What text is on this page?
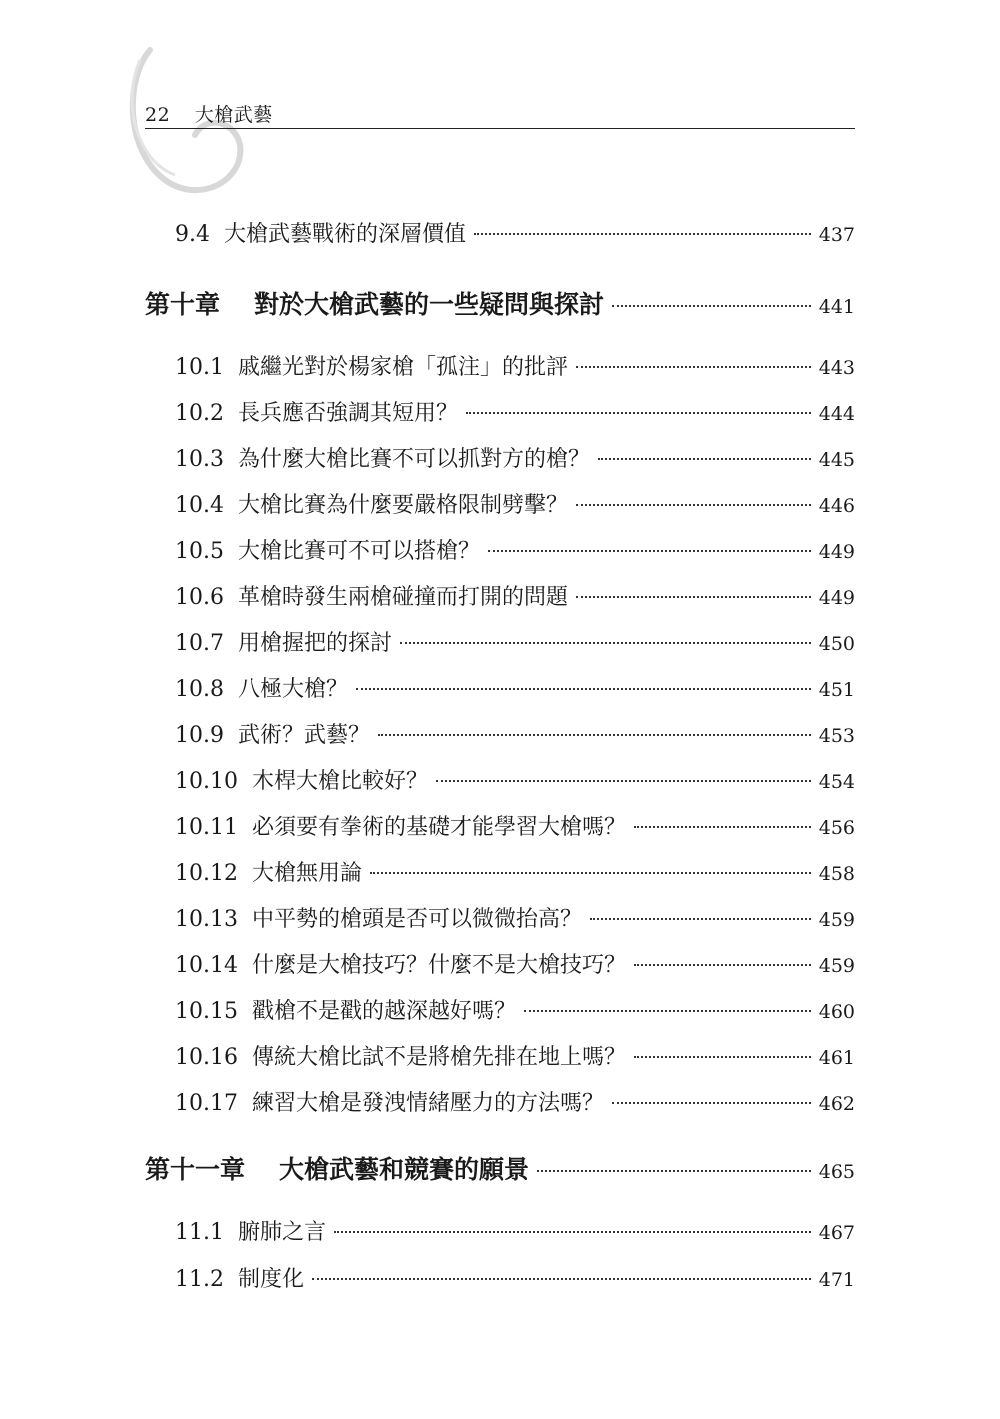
22 大槍武藝
9.4 大槍武藝戰術的深層價值	437
第十章 對於大槍武藝的一些疑問與探討	441
10.1 戚繼光對於楊家槍「孤注」的批評	443
10.2 長兵應否強調其短用？	444
10.3 為什麼大槍比賽不可以抓對方的槍？	445
10.4 大槍比賽為什麼要嚴格限制劈擊？	446
10.5 大槍比賽可不可以搭槍？	449
10.6 革槍時發生兩槍碰撞而打開的問題	449
10.7 用槍握把的探討	450
10.8 八極大槍？	451
10.9 武術？武藝？	453
10.10 木桿大槍比較好？	454
10.11 必須要有拳術的基礎才能學習大槍嗎？	456
10.12 大槍無用論	458
10.13 中平勢的槍頭是否可以微微抬高？	459
10.14 什麼是大槍技巧？什麼不是大槍技巧？	459
10.15 戳槍不是戳的越深越好嗎？	460
10.16 傳統大槍比試不是將槍先排在地上嗎？	461
10.17 練習大槍是發洩情緒壓力的方法嗎？	462
第十一章 大槍武藝和競賽的願景	465
11.1 腑肺之言	467
11.2 制度化	471
